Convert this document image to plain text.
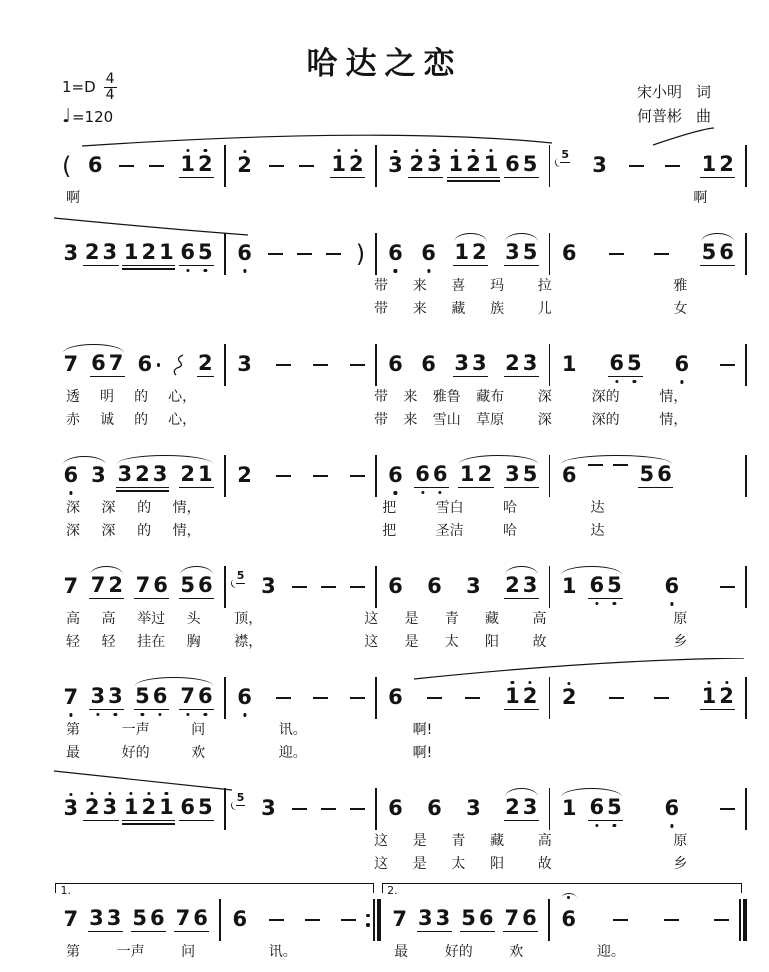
哈达之恋
$1=D \frac{4}{4}$
♩ =120
宋小明 词
何普彬 曲
( 6	1 2 2	1 2 3 2 3 1 2 1 6 5 5 3	1 2
啊	啊
3 2 3 1 2 1 6 5 6	) 6 6 1 2 3 5 6	5 6
带 来 喜 玛 拉	雅
带 来 藏 族 儿	女
7 6 7 6 2 3	6 6 3 3 2 3 1 6 5 6
透 明 的 心，	带 来 雅鲁 藏布 深	深的	情，
赤 诚 的 心，	带 来 雪山 草原 深	深的	情，
6 3 3 2 3 2 1 2	6 6 6 1 2 3 5 6	5 6
深 深 的 情，	把	雪白	哈	达
深 深 的 情，	把	圣洁	哈	达
7 7 2 7 6 5 6 5 3	6 6 3 2 3 1 6 5 6
高 高 举过 头 顶，	这 是 青 藏 高	原
轻 轻 挂在 胸 襟，	这 是 太 阳 故	乡
7 3 3 5 6 7 6 6	6	1 2 2	1 2
第	一声	问	讯。	啊!
最	好的	欢	迎。	啊!
3 2 3 1 2 1 6 5 5 3	6 6 3 2 3 1 6 5 6
这 是 青 藏 高	原
这 是 太 阳 故	乡
1.	2.
7 3 3 5 6 7 6 6	7 3 3 5 6 7 6 6
第	一声	问	讯。	最	好的	欢	迎。
